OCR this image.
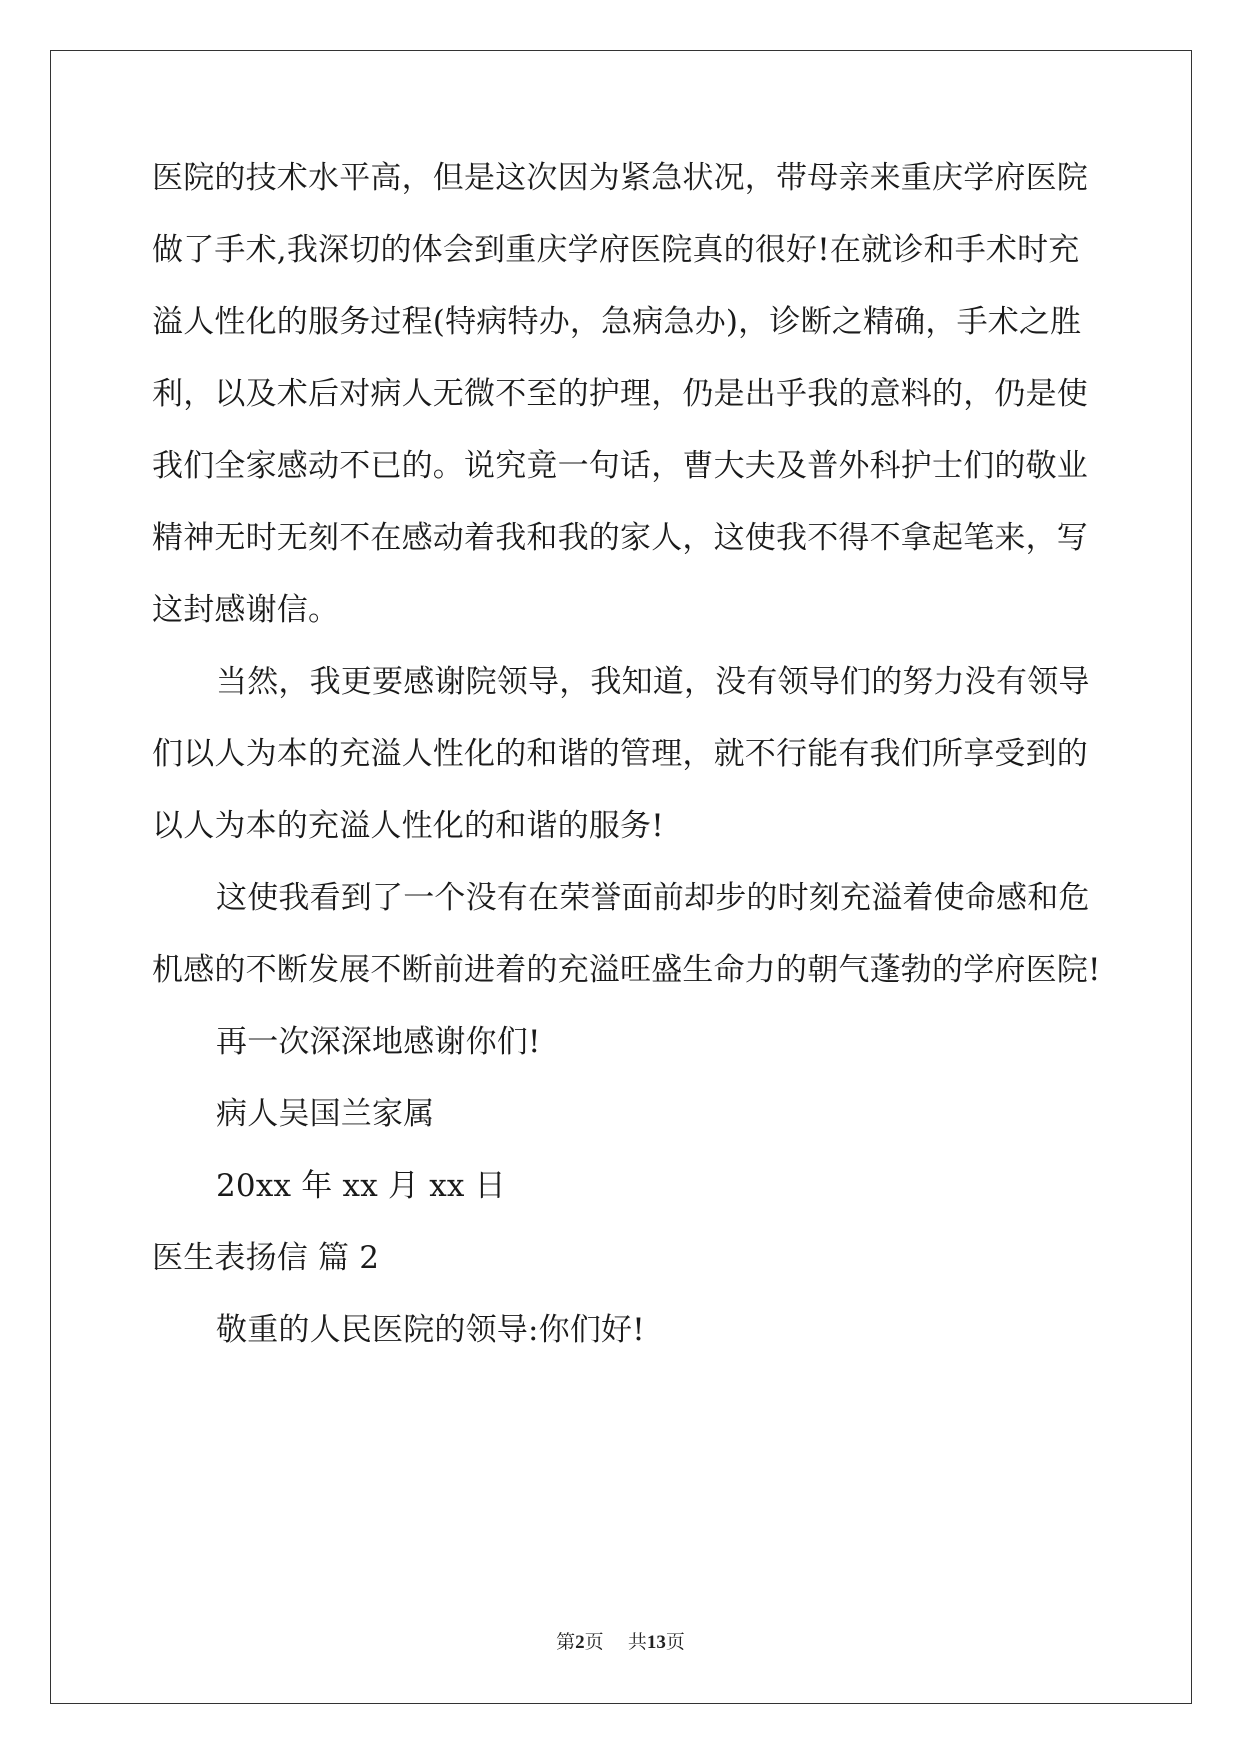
医院的技术水平高，但是这次因为紧急状况，带母亲来重庆学府医院
做了手术,我深切的体会到重庆学府医院真的很好!在就诊和手术时充
溢人性化的服务过程(特病特办，急病急办)，诊断之精确，手术之胜
利，以及术后对病人无微不至的护理，仍是出乎我的意料的，仍是使
我们全家感动不已的。说究竟一句话，曹大夫及普外科护士们的敬业
精神无时无刻不在感动着我和我的家人，这使我不得不拿起笔来，写
这封感谢信。
当然，我更要感谢院领导，我知道，没有领导们的努力没有领导
们以人为本的充溢人性化的和谐的管理，就不行能有我们所享受到的
以人为本的充溢人性化的和谐的服务!
这使我看到了一个没有在荣誉面前却步的时刻充溢着使命感和危
机感的不断发展不断前进着的充溢旺盛生命力的朝气蓬勃的学府医院!
再一次深深地感谢你们!
病人吴国兰家属
20xx 年 xx 月 xx 日
医生表扬信 篇 2
敬重的人民医院的领导:你们好!
第2页    共13页
